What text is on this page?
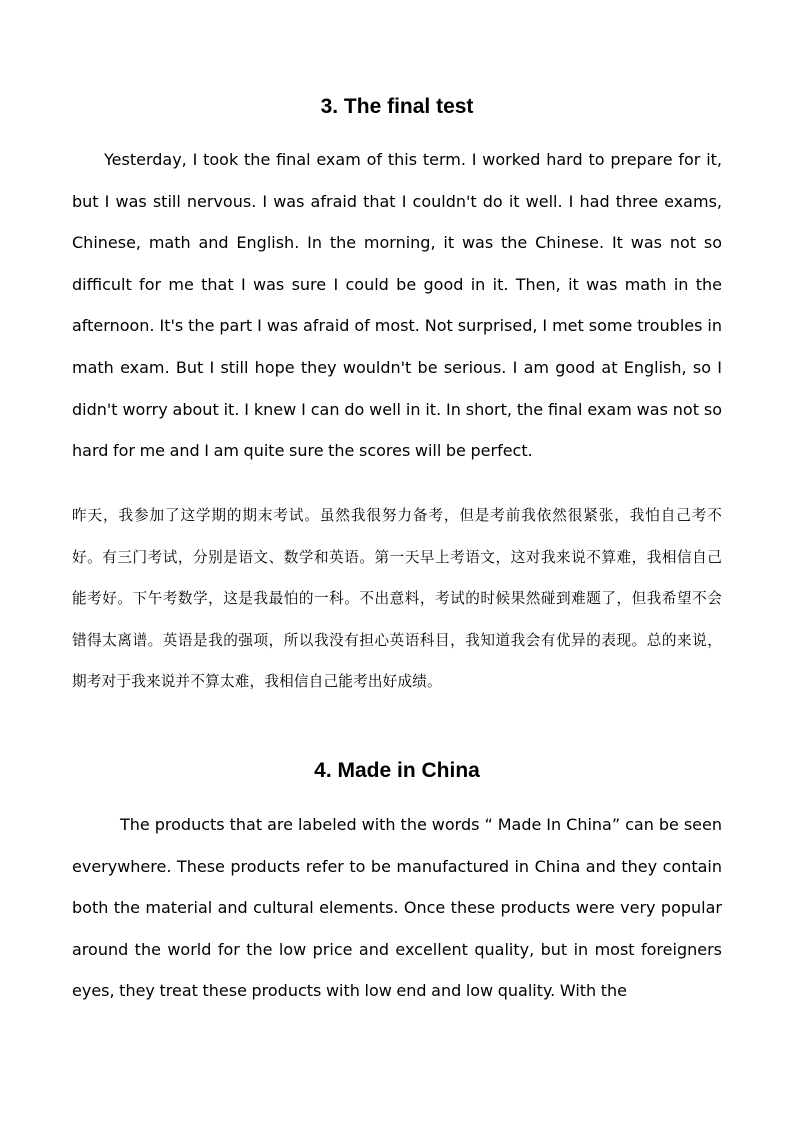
3. The final test

Yesterday, I took the final exam of this term. I worked hard to prepare for it, but I was still nervous. I was afraid that I couldn't do it well. I had three exams, Chinese, math and English. In the morning, it was the Chinese. It was not so difficult for me that I was sure I could be good in it. Then, it was math in the afternoon. It's the part I was afraid of most. Not surprised, I met some troubles in math exam. But I still hope they wouldn't be serious. I am good at English, so I didn't worry about it. I knew I can do well in it. In short, the final exam was not so hard for me and I am quite sure the scores will be perfect.

昨天，我参加了这学期的期末考试。虽然我很努力备考，但是考前我依然很紧张，我怕自己考不好。有三门考试，分别是语文、数学和英语。第一天早上考语文，这对我来说不算难，我相信自己能考好。下午考数学，这是我最怕的一科。不出意料，考试的时候果然碰到难题了，但我希望不会错得太离谱。英语是我的强项，所以我没有担心英语科目，我知道我会有优异的表现。总的来说，期考对于我来说并不算太难，我相信自己能考出好成绩。

4. Made in China

The products that are labeled with the words “ Made In China” can be seen everywhere. These products refer to be manufactured in China and they contain both the material and cultural elements. Once these products were very popular around the world for the low price and excellent quality, but in most foreigners eyes, they treat these products with low end and low quality. With the
